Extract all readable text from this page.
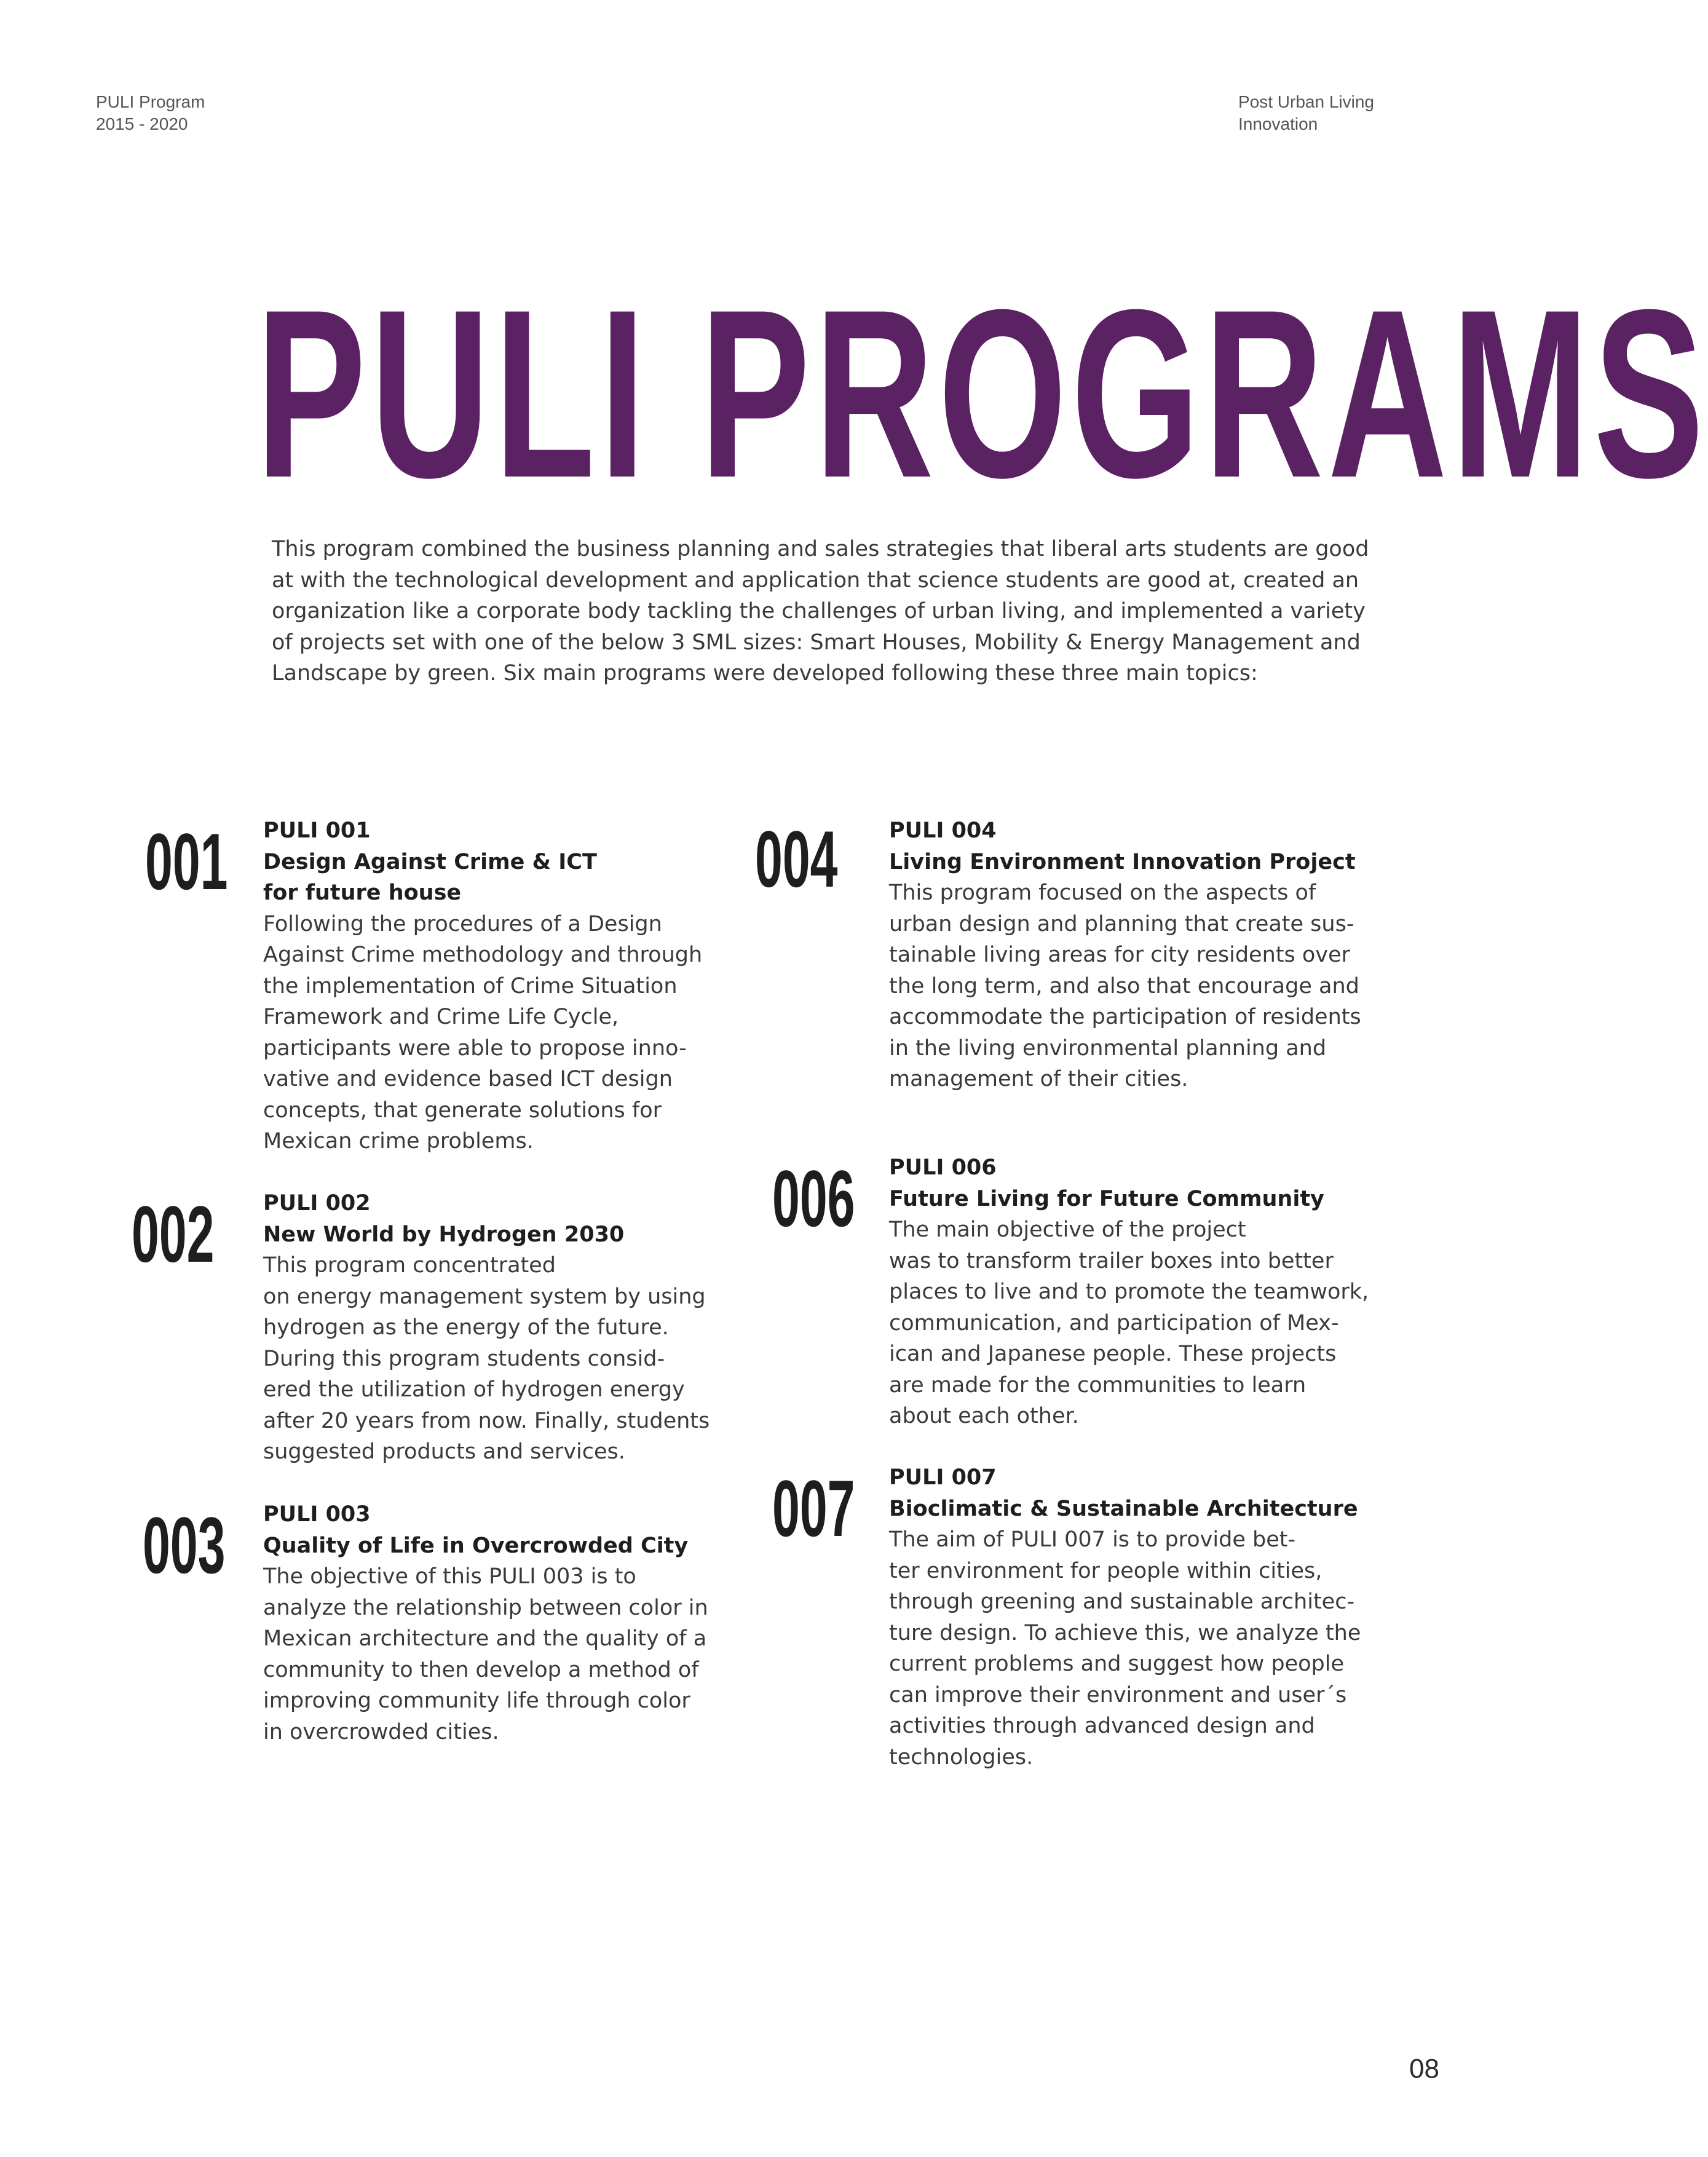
PULI Program
2015 - 2020
Post Urban Living
Innovation
PULI PROGRAMS
This program combined the business planning and sales strategies that liberal arts students are good
at with the technological development and application that science students are good at, created an
organization like a corporate body tackling the challenges of urban living, and implemented a variety
of projects set with one of the below 3 SML sizes: Smart Houses, Mobility & Energy Management and
Landscape by green. Six main programs were developed following these three main topics:
001 PULI 001
Design Against Crime & ICT
for future house
Following the procedures of a Design
Against Crime methodology and through
the implementation of Crime Situation
Framework and Crime Life Cycle,
participants were able to propose inno-
vative and evidence based ICT design
concepts, that generate solutions for
Mexican crime problems.
002 PULI 002
New World by Hydrogen 2030
This program concentrated
on energy management system by using
hydrogen as the energy of the future.
During this program students consid-
ered the utilization of hydrogen energy
after 20 years from now. Finally, students
suggested products and services.
003 PULI 003
Quality of Life in Overcrowded City
The objective of this PULI 003 is to
analyze the relationship between color in
Mexican architecture and the quality of a
community to then develop a method of
improving community life through color
in overcrowded cities.
004 PULI 004
Living Environment Innovation Project
This program focused on the aspects of
urban design and planning that create sus-
tainable living areas for city residents over
the long term, and also that encourage and
accommodate the participation of residents
in the living environmental planning and
management of their cities.
006 PULI 006
Future Living for Future Community
The main objective of the project
was to transform trailer boxes into better
places to live and to promote the teamwork,
communication, and participation of Mex-
ican and Japanese people. These projects
are made for the communities to learn
about each other.
007 PULI 007
Bioclimatic & Sustainable Architecture
The aim of PULI 007 is to provide bet-
ter environment for people within cities,
through greening and sustainable architec-
ture design. To achieve this, we analyze the
current problems and suggest how people
can improve their environment and user´s
activities through advanced design and
technologies.
08
